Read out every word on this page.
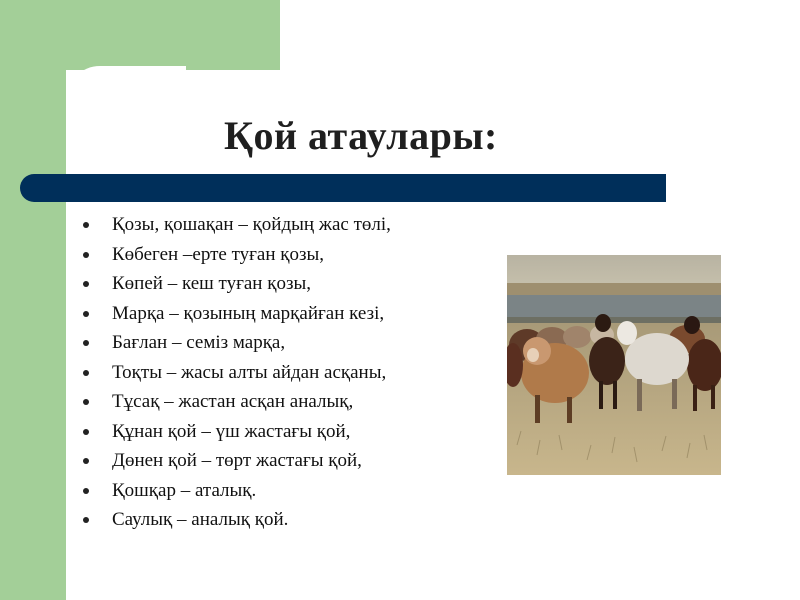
Қой атаулары:
Қозы, қошақан – қойдың жас төлі,
Көбеген –ерте туған қозы,
Көпей – кеш туған қозы,
Марқа – қозының марқайған кезі,
Бағлан – семіз марқа,
Тоқты – жасы алты айдан асқаны,
Тұсақ – жастан асқан аналық,
Құнан қой – үш жастағы қой,
Дөнен қой – төрт жастағы қой,
Қошқар – аталық.
Саулық – аналық қой.
